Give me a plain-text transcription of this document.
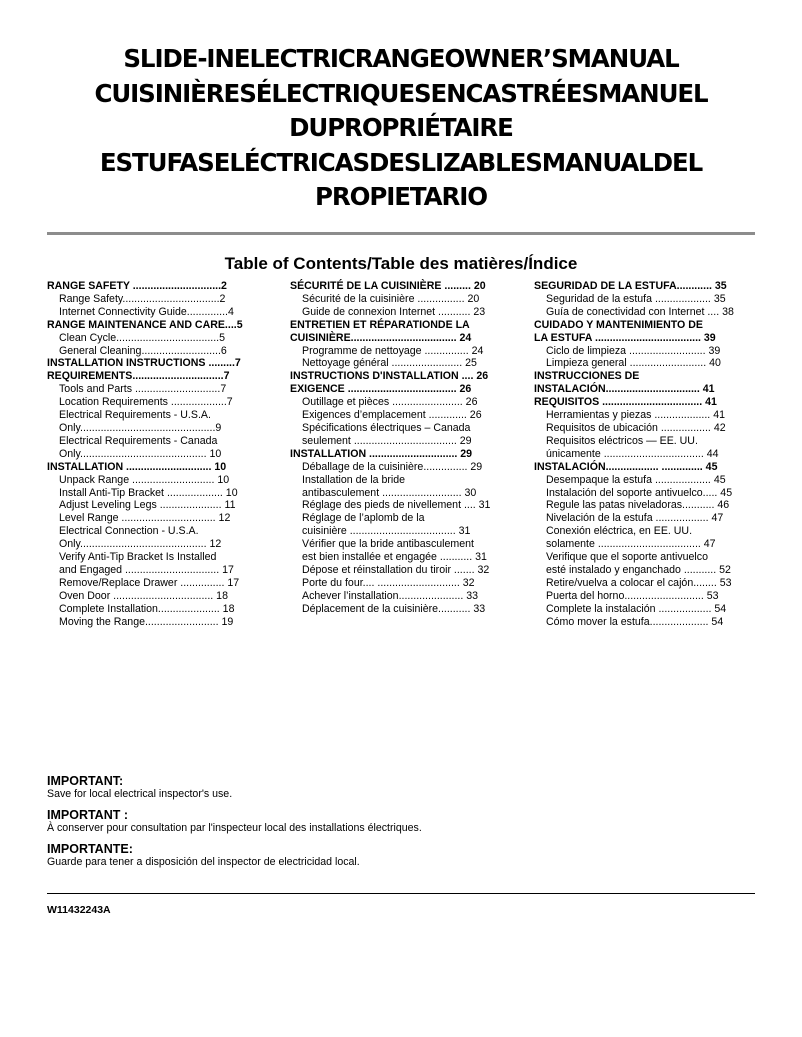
SLIDE-INELECTRICRANGEOWNER’SMANUAL
CUISINIÈRESÉLECTRIQUESENCASTRÉESMANUEL
DUPROPRIÉTAIRE
ESTUFASELÉCTRICASDESLIZABLESMANUALDEL
PROPIETARIO
Table of Contents/Table des matières/Índice
RANGE SAFETY ..............................2
Range Safety.................................2
Internet Connectivity Guide..............4
RANGE MAINTENANCE AND CARE....5
Clean Cycle...................................5
General Cleaning...........................6
INSTALLATION INSTRUCTIONS .........7
REQUIREMENTS...............................7
Tools and Parts .............................7
Location Requirements ...................7
Electrical Requirements - U.S.A.
Only..............................................9
Electrical Requirements - Canada
Only........................................... 10
INSTALLATION ............................. 10
Unpack Range ............................ 10
Install Anti-Tip Bracket ................... 10
Adjust Leveling Legs ..................... 11
Level Range ................................ 12
Electrical Connection - U.S.A.
Only........................................... 12
Verify Anti-Tip Bracket Is Installed
and Engaged ................................ 17
Remove/Replace Drawer ............... 17
Oven Door .................................. 18
Complete Installation..................... 18
Moving the Range......................... 19
SÉCURITÉ DE LA CUISINIÈRE ......... 20
Sécurité de la cuisinière ................ 20
Guide de connexion Internet ........... 23
ENTRETIEN ET RÉPARATIONDE LA
CUISINIÈRE.................................... 24
Programme de nettoyage ............... 24
Nettoyage général ........................ 25
INSTRUCTIONS D'INSTALLATION .... 26
EXIGENCE ..................................... 26
Outillage et pièces ........................ 26
Exigences d’emplacement ............. 26
Spécifications électriques – Canada
seulement ................................... 29
INSTALLATION .............................. 29
Déballage de la cuisinière............... 29
Installation de la bride
antibasculement ........................... 30
Réglage des pieds de nivellement .... 31
Réglage de l’aplomb de la
cuisinière .................................... 31
Vérifier que la bride antibasculement
est bien installée et engagée ........... 31
Dépose et réinstallation du tiroir ....... 32
Porte du four.... ............................ 32
Achever l’installation...................... 33
Déplacement de la cuisinière........... 33
SEGURIDAD DE LA ESTUFA............ 35
Seguridad de la estufa ................... 35
Guía de conectividad con Internet .... 38
CUIDADO Y MANTENIMIENTO DE
LA ESTUFA .................................... 39
Ciclo de limpieza .......................... 39
Limpieza general .......................... 40
INSTRUCCIONES DE
INSTALACIÓN................................ 41
REQUISITOS .................................. 41
Herramientas y piezas ................... 41
Requisitos de ubicación ................. 42
Requisitos eléctricos — EE. UU.
únicamente .................................. 44
INSTALACIÓN.................. .............. 45
Desempaque la estufa ................... 45
Instalación del soporte antivuelco..... 45
Regule las patas niveladoras........... 46
Nivelación de la estufa .................. 47
Conexión eléctrica, en EE. UU.
solamente ................................... 47
Verifique que el soporte antivuelco
esté instalado y enganchado ........... 52
Retire/vuelva a colocar el cajón........ 53
Puerta del horno........................... 53
Complete la instalación .................. 54
Cómo mover la estufa.................... 54
IMPORTANT:
Save for local electrical inspector's use.
IMPORTANT :
À conserver pour consultation par l'inspecteur local des installations électriques.
IMPORTANTE:
Guarde para tener a disposición del inspector de electricidad local.
W11432243A
